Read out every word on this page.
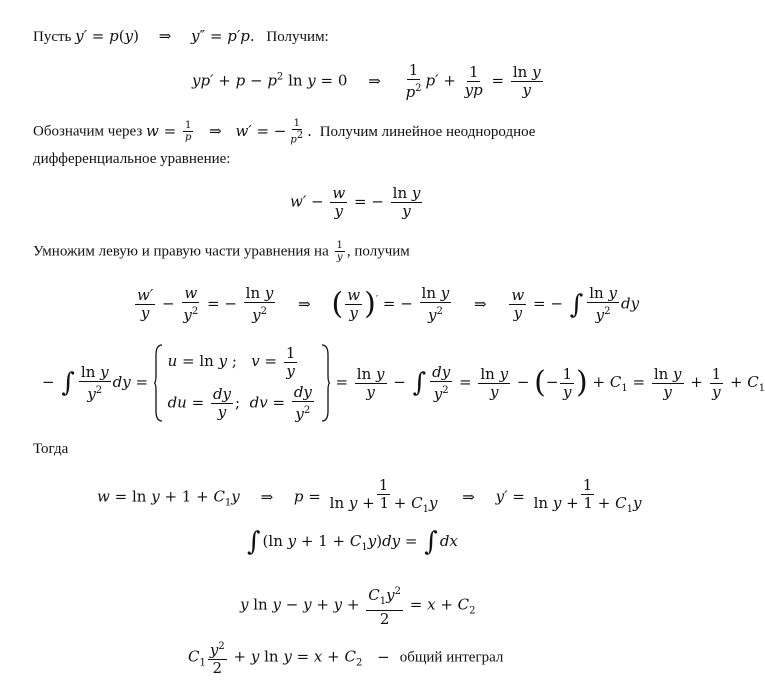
Пусть y′ = p(y) ⇒ y″ = p′p. Получим:
$yp' + p - p^2$ ln y = 0 ⇒ $\frac{1}{p^2} p' + \frac{1}{yp} = \frac{\text{ln y}}{y}$
Обозначим через $w = \frac{1}{p}$ ⇒ w′ = − $\frac{1}{p^2}$ . Получим линейное неоднородное
дифференциальное уравнение:
$w' - \frac{w}{y}$ = − $\frac{\text{ln y}}{y}$
Умножим левую и правую части уравнения на $\frac{1}{y}$ , получим
$\frac{w'}{y} - \frac{w}{y^2}$ = − $\frac{\text{ln y}}{y^2}$ ⇒ ( $\frac{w}{y} )'$ = − $\frac{\text{ln y}}{y^2}$ ⇒ $\frac{w}{y}$ = − ∫ $\frac{\text{ln y}}{y^2}$ dy
− ∫ $\frac{\text{ln y}}{y^2}$ dy =
u = ln y ;   $v = \frac{1}{y}$
du = $\frac{dy}{y}$ ;  dv = $\frac{dy}{y^2}$
= $\frac{\text{ln y}}{y}$ − ∫ $\frac{dy}{y^2} = \frac{\text{ln y}}{y}$ − (− $\frac{1}{y}$ ) + $C_1 = \frac{\text{ln y}}{y} + \frac{1}{y} + C_1$
Тогда
$w = \ln y + 1 + C_1y$ ⇒ $p = \frac{1}{\ln y + 1 + C_1y}$ ⇒ $y' = \frac{1}{\ln y + 1 + C_1y}$
∫ (ln $y + 1 + C_1y)dy$ = ∫ dx
y $\ln y - y + y + \frac{C_1y^2}{2} = x + C_2$
$C_1 \frac{y^2}{2} + y$ $\ln y = x + C_2$ − общий интеграл
